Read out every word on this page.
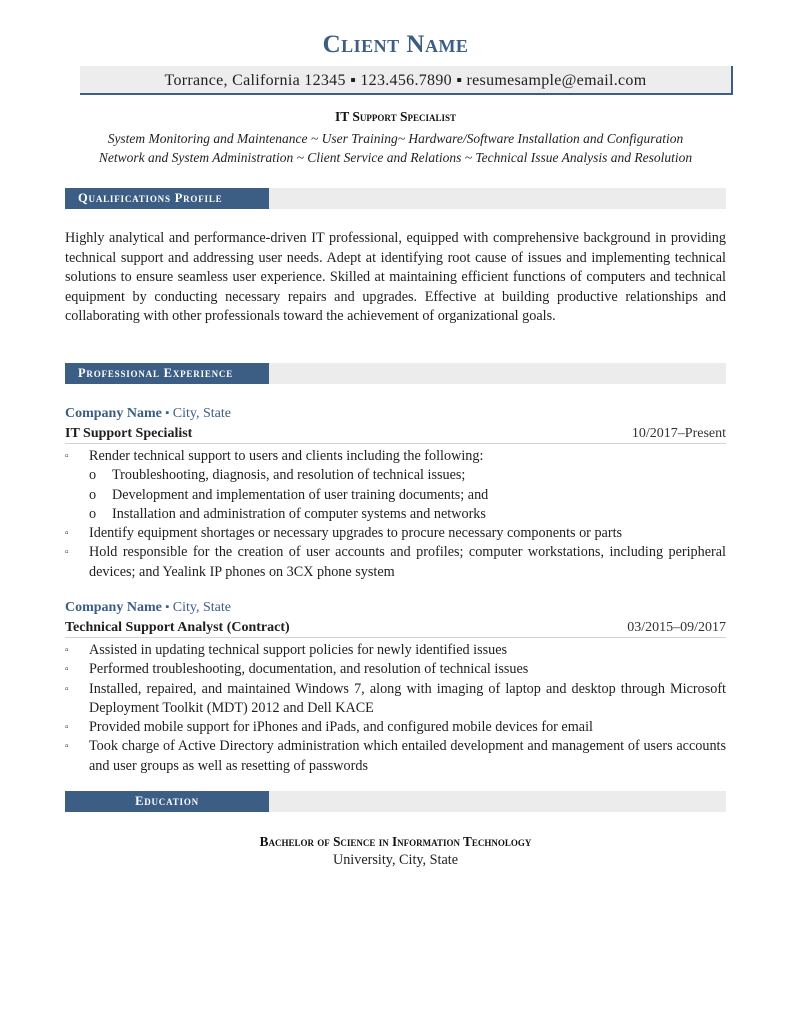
Client Name
Torrance, California 12345 ▪ 123.456.7890 ▪ resumesample@email.com
IT Support Specialist
System Monitoring and Maintenance ~ User Training~ Hardware/Software Installation and Configuration
Network and System Administration ~ Client Service and Relations ~ Technical Issue Analysis and Resolution
Qualifications Profile
Highly analytical and performance-driven IT professional, equipped with comprehensive background in providing technical support and addressing user needs. Adept at identifying root cause of issues and implementing technical solutions to ensure seamless user experience. Skilled at maintaining efficient functions of computers and technical equipment by conducting necessary repairs and upgrades. Effective at building productive relationships and collaborating with other professionals toward the achievement of organizational goals.
Professional Experience
Company Name ▪ City, State
IT Support Specialist	10/2017–Present
▫ Render technical support to users and clients including the following:
o Troubleshooting, diagnosis, and resolution of technical issues;
o Development and implementation of user training documents; and
o Installation and administration of computer systems and networks
▫ Identify equipment shortages or necessary upgrades to procure necessary components or parts
▫ Hold responsible for the creation of user accounts and profiles; computer workstations, including peripheral devices; and Yealink IP phones on 3CX phone system
Company Name ▪ City, State
Technical Support Analyst (Contract)	03/2015–09/2017
▫ Assisted in updating technical support policies for newly identified issues
▫ Performed troubleshooting, documentation, and resolution of technical issues
▫ Installed, repaired, and maintained Windows 7, along with imaging of laptop and desktop through Microsoft Deployment Toolkit (MDT) 2012 and Dell KACE
▫ Provided mobile support for iPhones and iPads, and configured mobile devices for email
▫ Took charge of Active Directory administration which entailed development and management of users accounts and user groups as well as resetting of passwords
Education
Bachelor of Science in Information Technology
University, City, State
